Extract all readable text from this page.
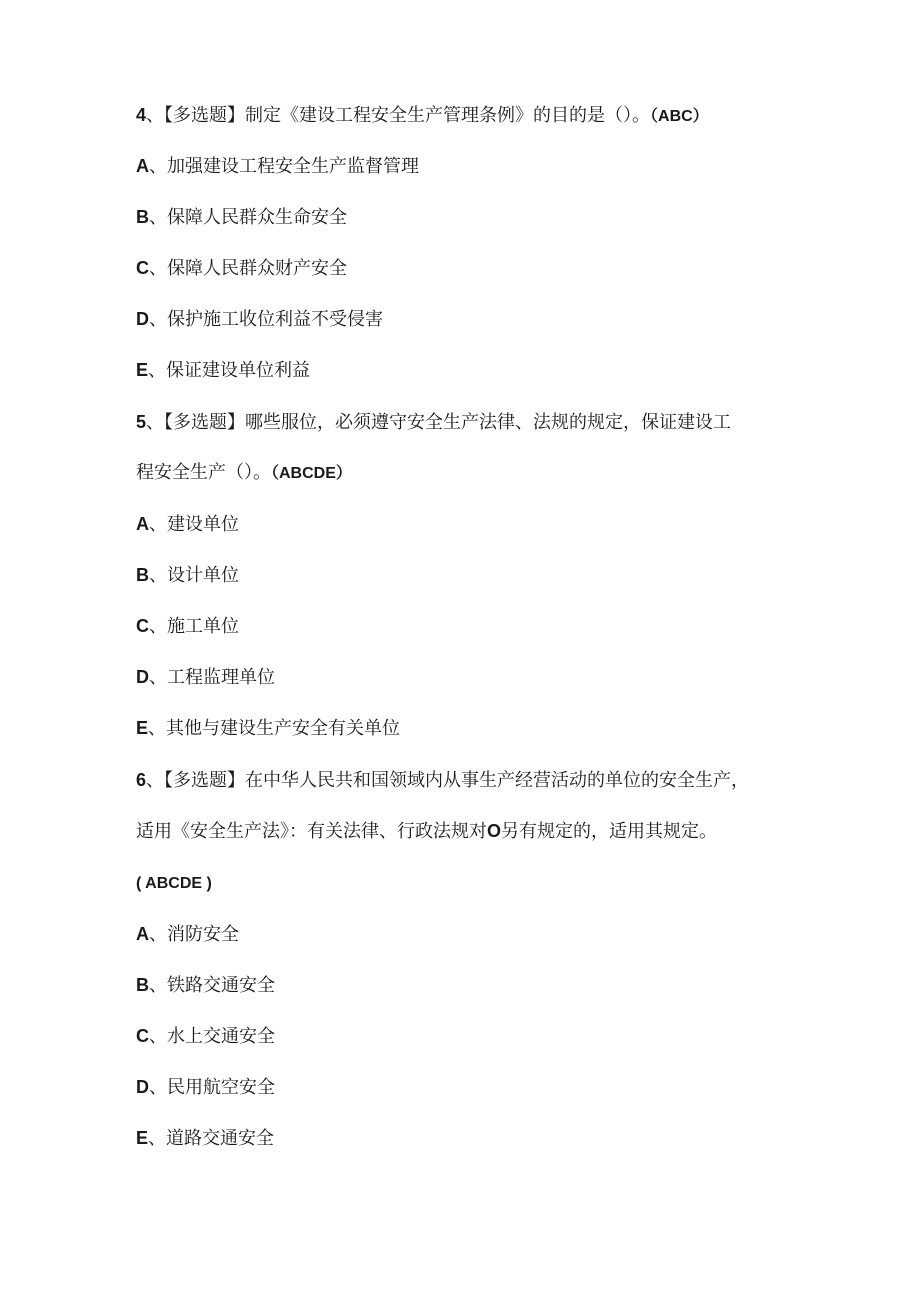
4、【多选题】制定《建设工程安全生产管理条例》的目的是（）。（ABC）
A、加强建设工程安全生产监督管理
B、保障人民群众生命安全
C、保障人民群众财产安全
D、保护施工收位利益不受侵害
E、保证建设单位利益
5、【多选题】哪些服位，必须遵守安全生产法律、法规的规定，保证建设工
程安全生产（）。（ABCDE）
A、建设单位
B、设计单位
C、施工单位
D、工程监理单位
E、其他与建设生产安全有关单位
6、【多选题】在中华人民共和国领域内从事生产经营活动的单位的安全生产，
适用《安全生产法》：有关法律、行政法规对O另有规定的，适用其规定。
( ABCDE )
A、消防安全
B、铁路交通安全
C、水上交通安全
D、民用航空安全
E、道路交通安全
